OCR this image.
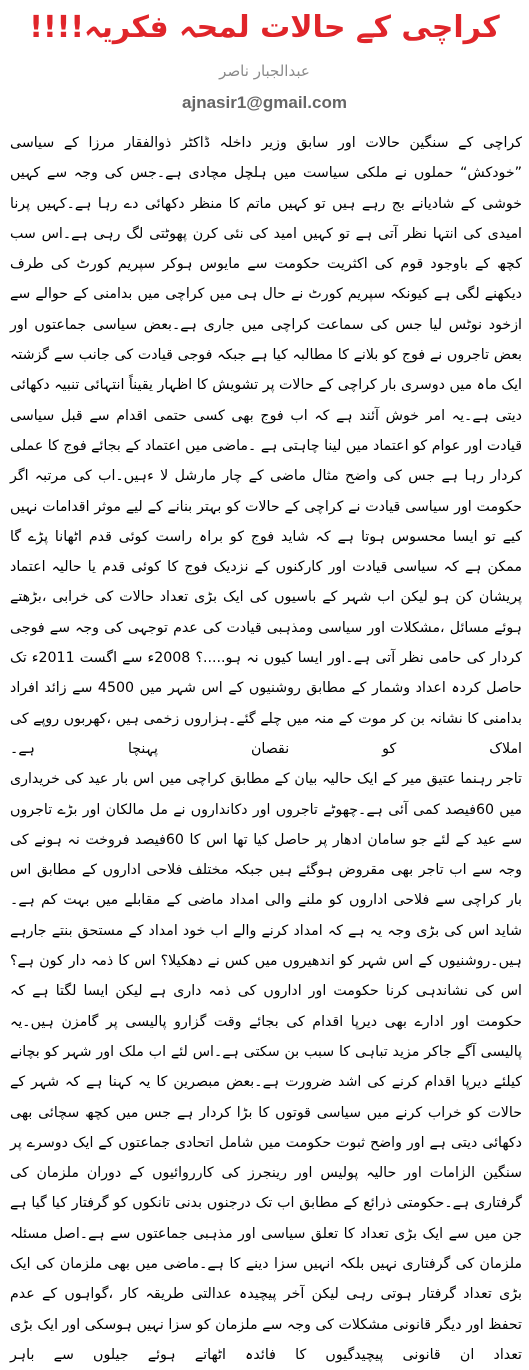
کراچی کے حالات لمحہ فکریہ!!!!
عبدالجبار ناصر
ajnasir1@gmail.com
کراچی کے سنگین حالات اور سابق وزیر داخلہ ڈاکٹر ذوالفقار مرزا کے سیاسی ”خودکش“ حملوں نے ملکی سیاست میں ہلچل مچادی ہے۔جس کی وجہ سے کہیں خوشی کے شادیانے بج رہے ہیں تو کہیں ماتم کا منظر دکھائی دے رہا ہے۔کہیں پرنا امیدی کی انتہا نظر آتی ہے تو کہیں امید کی نئی کرن پھوٹتی لگ رہی ہے۔اس سب کچھ کے باوجود قوم کی اکثریت حکومت سے مایوس ہوکر سپریم کورٹ کی طرف دیکھنے لگی ہے کیونکہ سپریم کورٹ نے حال ہی میں کراچی میں بدامنی کے حوالے سے ازخود نوٹس لیا جس کی سماعت کراچی میں جاری ہے۔بعض سیاسی جماعتوں اور بعض تاجروں نے فوج کو بلانے کا مطالبہ کیا ہے جبکہ فوجی قیادت کی جانب سے گزشتہ ایک ماہ میں دوسری بار کراچی کے حالات پر تشویش کا اظہار یقیناً انتہائی تنبیہ دکھائی دیتی ہے۔یہ امر خوش آئند ہے کہ اب فوج بھی کسی حتمی اقدام سے قبل سیاسی قیادت اور عوام کو اعتماد میں لینا چاہتی ہے ۔ماضی میں اعتماد کے بجائے فوج کا عملی کردار رہا ہے جس کی واضح مثال ماضی کے چار مارشل لا ءہیں۔اب کی مرتبہ اگر حکومت اور سیاسی قیادت نے کراچی کے حالات کو بہتر بنانے کے لیے موثر اقدامات نہیں کیے تو ایسا محسوس ہوتا ہے کہ شاید فوج کو براہ راست کوئی قدم اٹھانا پڑے گا ممکن ہے کہ سیاسی قیادت اور کارکنوں کے نزدیک فوج کا کوئی قدم یا حالیہ اعتماد پریشان کن ہو لیکن اب شہر کے باسیوں کی ایک بڑی تعداد حالات کی خرابی ،بڑھتے ہوئے مسائل ،مشکلات اور سیاسی ومذہبی قیادت کی عدم توجہی کی وجہ سے فوجی کردار کی حامی نظر آتی ہے۔اور ایسا کیوں نہ ہو.....؟ 2008ء سے اگست 2011ء تک حاصل کردہ اعداد وشمار کے مطابق روشنیوں کے اس شہر میں 4500 سے زائد افراد بدامنی کا نشانہ بن کر موت کے منہ میں چلے گئے۔ہزاروں زخمی ہیں ،کھربوں روپے کی املاک کو نقصان پہنچا ہے۔
تاجر رہنما عتیق میر کے ایک حالیہ بیان کے مطابق کراچی میں اس بار عید کی خریداری میں 60فیصد کمی آئی ہے۔چھوٹے تاجروں اور دکانداروں نے مل مالکان اور بڑے تاجروں سے عید کے لئے جو سامان ادھار پر حاصل کیا تھا اس کا 60فیصد فروخت نہ ہونے کی وجہ سے اب تاجر بھی مقروض ہوگئے ہیں جبکہ مختلف فلاحی اداروں کے مطابق اس بار کراچی سے فلاحی اداروں کو ملنے والی امداد ماضی کے مقابلے میں بہت کم ہے۔شاید اس کی بڑی وجہ یہ ہے کہ امداد کرنے والے اب خود امداد کے مستحق بنتے جارہے ہیں۔روشنیوں کے اس شہر کو اندھیروں میں کس نے دھکیلا؟ اس کا ذمہ دار کون ہے؟ اس کی نشاندہی کرنا حکومت اور اداروں کی ذمہ داری ہے لیکن ایسا لگتا ہے کہ حکومت اور ادارے بھی دیرپا اقدام کی بجائے وقت گزارو پالیسی پر گامزن ہیں۔یہ پالیسی آگے جاکر مزید تباہی کا سبب بن سکتی ہے۔اس لئے اب ملک اور شہر کو بچانے کیلئے دیرپا اقدام کرنے کی اشد ضرورت ہے۔بعض مبصرین کا یہ کہنا ہے کہ شہر کے حالات کو خراب کرنے میں سیاسی قوتوں کا بڑا کردار ہے جس میں کچھ سچائی بھی دکھائی دیتی ہے اور واضح ثبوت حکومت میں شامل اتحادی جماعتوں کے ایک دوسرے پر سنگین الزامات اور حالیہ پولیس اور رینجرز کی کارروائیوں کے دوران ملزمان کی گرفتاری ہے۔حکومتی ذرائع کے مطابق اب تک درجنوں بدنی تانکوں کو گرفتار کیا گیا ہے جن میں سے ایک بڑی تعداد کا تعلق سیاسی اور مذہبی جماعتوں سے ہے۔اصل مسئلہ ملزمان کی گرفتاری نہیں بلکہ انہیں سزا دینے کا ہے۔ماضی میں بھی ملزمان کی ایک بڑی تعداد گرفتار ہوتی رہی لیکن آخر پیچیدہ عدالتی طریقہ کار ،گواہوں کے عدم تحفظ اور دیگر قانونی مشکلات کی وجہ سے ملزمان کو سزا نہیں ہوسکی اور ایک بڑی تعداد ان قانونی پیچیدگیوں کا فائدہ اٹھاتے ہوئے جیلوں سے باہر
